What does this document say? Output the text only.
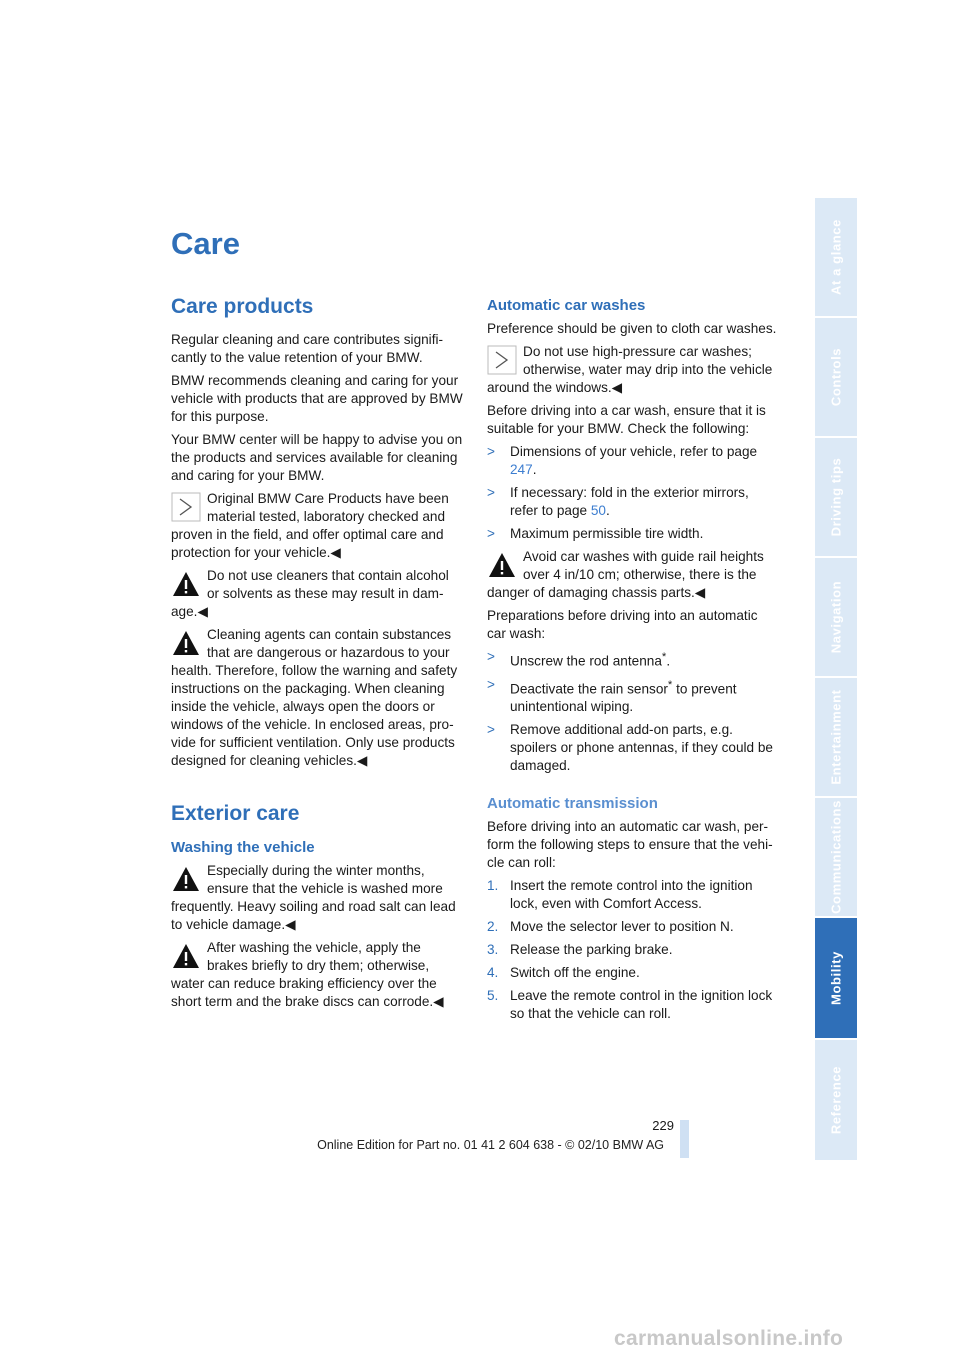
Care
Care products

Regular cleaning and care contributes signifi-cantly to the value retention of your BMW.

BMW recommends cleaning and caring for your vehicle with products that are approved by BMW for this purpose.

Your BMW center will be happy to advise you on the products and services available for cleaning and caring for your BMW.

Original BMW Care Products have been material tested, laboratory checked and proven in the field, and offer optimal care and protection for your vehicle.◀
Do not use cleaners that contain alcohol or solvents as these may result in dam-age.◀
Cleaning agents can contain substances that are dangerous or hazardous to your health. Therefore, follow the warning and safety instructions on the packaging. When cleaning inside the vehicle, always open the doors or windows of the vehicle. In enclosed areas, pro-vide for sufficient ventilation. Only use products designed for cleaning vehicles.◀
Exterior care
Washing the vehicle
Especially during the winter months, ensure that the vehicle is washed more frequently. Heavy soiling and road salt can lead to vehicle damage.◀
After washing the vehicle, apply the brakes briefly to dry them; otherwise, water can reduce braking efficiency over the short term and the brake discs can corrode.◀
Automatic car washes

Preference should be given to cloth car washes.

Do not use high-pressure car washes; otherwise, water may drip into the vehicle around the windows.◀

Before driving into a car wash, ensure that it is suitable for your BMW. Check the following:

> Dimensions of your vehicle, refer to page 247.
> If necessary: fold in the exterior mirrors, refer to page 50.
> Maximum permissible tire width.
Avoid car washes with guide rail heights over 4 in/10 cm; otherwise, there is the danger of damaging chassis parts.◀

Preparations before driving into an automatic car wash:

> Unscrew the rod antenna*.
> Deactivate the rain sensor* to prevent unintentional wiping.
> Remove additional add-on parts, e.g. spoilers or phone antennas, if they could be damaged.
Automatic transmission

Before driving into an automatic car wash, per-form the following steps to ensure that the vehi-cle can roll:

1. Insert the remote control into the ignition lock, even with Comfort Access.
2. Move the selector lever to position N.
3. Release the parking brake.
4. Switch off the engine.
5. Leave the remote control in the ignition lock so that the vehicle can roll.
At a glance
Controls
Driving tips
Navigation
Entertainment
Communications
Mobility
Reference

229

Online Edition for Part no. 01 41 2 604 638 - © 02/10 BMW AG

carmanualsonline.info
